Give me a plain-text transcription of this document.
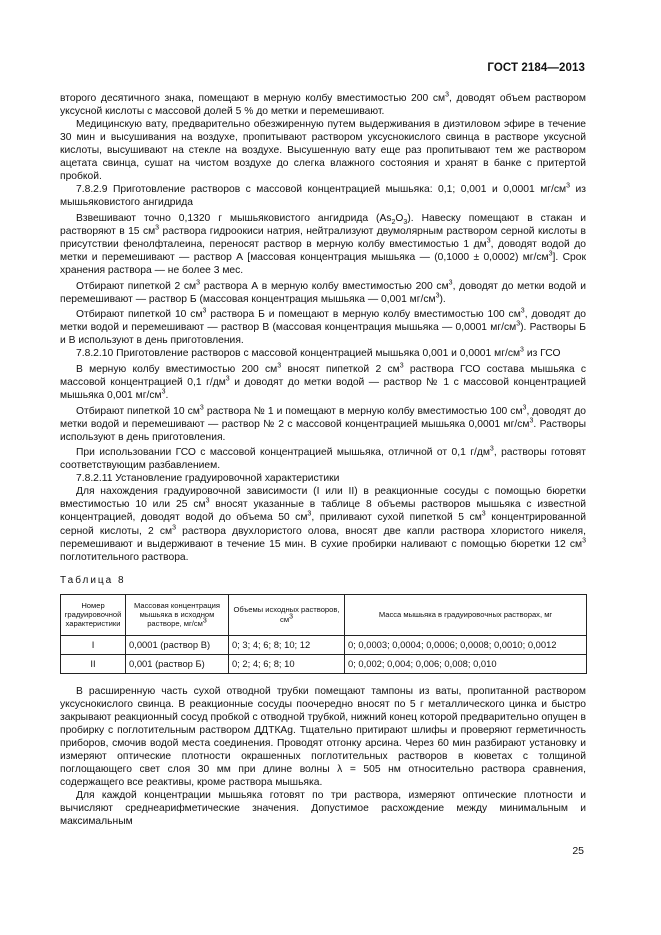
ГОСТ 2184—2013

второго десятичного знака, помещают в мерную колбу вместимостью 200 $см^3$, доводят объем раствором уксусной кислоты с массовой долей 5 % до метки и перемешивают.

Медицинскую вату, предварительно обезжиренную путем выдерживания в диэтиловом эфире в течение 30 мин и высушивания на воздухе, пропитывают раствором уксуснокислого свинца в растворе уксусной кислоты, высушивают на стекле на воздухе. Высушенную вату еще раз пропитывают тем же раствором ацетата свинца, сушат на чистом воздухе до слегка влажного состояния и хранят в банке с притертой пробкой.

7.8.2.9 Приготовление растворов с массовой концентрацией мышьяка: 0,1; 0,001 и 0,0001 $мг/см^3$ из мышьяковистого ангидрида

Взвешивают точно 0,1320 г мышьяковистого ангидрида $(As_2O_3)$. Навеску помещают в стакан и растворяют в 15 $см^3$ раствора гидроокиси натрия, нейтрализуют двумолярным раствором серной кислоты в присутствии фенолфталеина, переносят раствор в мерную колбу вместимостью 1 $дм^3$, доводят водой до метки и перемешивают — раствор А [массовая концентрация мышьяка — (0,1000 ± 0,0002) $мг/см^3$]. Срок хранения раствора — не более 3 мес.

Отбирают пипеткой 2 $см^3$ раствора А в мерную колбу вместимостью 200 $см^3$, доводят до метки водой и перемешивают — раствор Б (массовая концентрация мышьяка — 0,001 $мг/см^3$).

Отбирают пипеткой 10 $см^3$ раствора Б и помещают в мерную колбу вместимостью 100 $см^3$, доводят до метки водой и перемешивают — раствор В (массовая концентрация мышьяка — 0,0001 $мг/см^3$). Растворы Б и В используют в день приготовления.

7.8.2.10 Приготовление растворов с массовой концентрацией мышьяка 0,001 и 0,0001 $мг/см^3$ из ГСО

В мерную колбу вместимостью 200 $см^3$ вносят пипеткой 2 $см^3$ раствора ГСО состава мышьяка с массовой концентрацией 0,1 $г/дм^3$ и доводят до метки водой — раствор № 1 с массовой концентрацией мышьяка 0,001 $мг/см^3$.

Отбирают пипеткой 10 $см^3$ раствора № 1 и помещают в мерную колбу вместимостью 100 $см^3$, доводят до метки водой и перемешивают — раствор № 2 с массовой концентрацией мышьяка 0,0001 $мг/см^3$. Растворы используют в день приготовления.

При использовании ГСО с массовой концентрацией мышьяка, отличной от 0,1 $г/дм^3$, растворы готовят соответствующим разбавлением.

7.8.2.11 Установление градуировочной характеристики

Для нахождения градуировочной зависимости (I или II) в реакционные сосуды с помощью бюретки вместимостью 10 или 25 $см^3$ вносят указанные в таблице 8 объемы растворов мышьяка с известной концентрацией, доводят водой до объема 50 $см^3$, приливают сухой пипеткой 5 $см^3$ концентрированной серной кислоты, 2 $см^3$ раствора двухлористого олова, вносят две капли раствора хлористого никеля, перемешивают и выдерживают в течение 15 мин. В сухие пробирки наливают с помощью бюретки 12 $см^3$ поглотительного раствора.

Таблица 8
Номер градуировочной характеристики	Массовая концентрация мышьяка в исходном растворе, $мг/см^3$	Объемы исходных растворов, $см^3$	Масса мышьяка в градуировочных растворах, мг
I	0,0001 (раствор В)	0; 3; 4; 6; 8; 10; 12	0; 0,0003; 0,0004; 0,0006; 0,0008; 0,0010; 0,0012
II	0,001 (раствор Б)	0; 2; 4; 6; 8; 10	0; 0,002; 0,004; 0,006; 0,008; 0,010

В расширенную часть сухой отводной трубки помещают тампоны из ваты, пропитанной раствором уксуснокислого свинца. В реакционные сосуды поочередно вносят по 5 г металлического цинка и быстро закрывают реакционный сосуд пробкой с отводной трубкой, нижний конец которой предварительно опущен в пробирку с поглотительным раствором ДДТКAg. Тщательно притирают шлифы и проверяют герметичность приборов, смочив водой места соединения. Проводят отгонку арсина. Через 60 мин разбирают установку и измеряют оптические плотности окрашенных поглотительных растворов в кюветах с толщиной поглощающего свет слоя 30 мм при длине волны λ = 505 нм относительно раствора сравнения, содержащего все реактивы, кроме раствора мышьяка.

Для каждой концентрации мышьяка готовят по три раствора, измеряют оптические плотности и вычисляют среднеарифметические значения. Допустимое расхождение между минимальным и максимальным

25
